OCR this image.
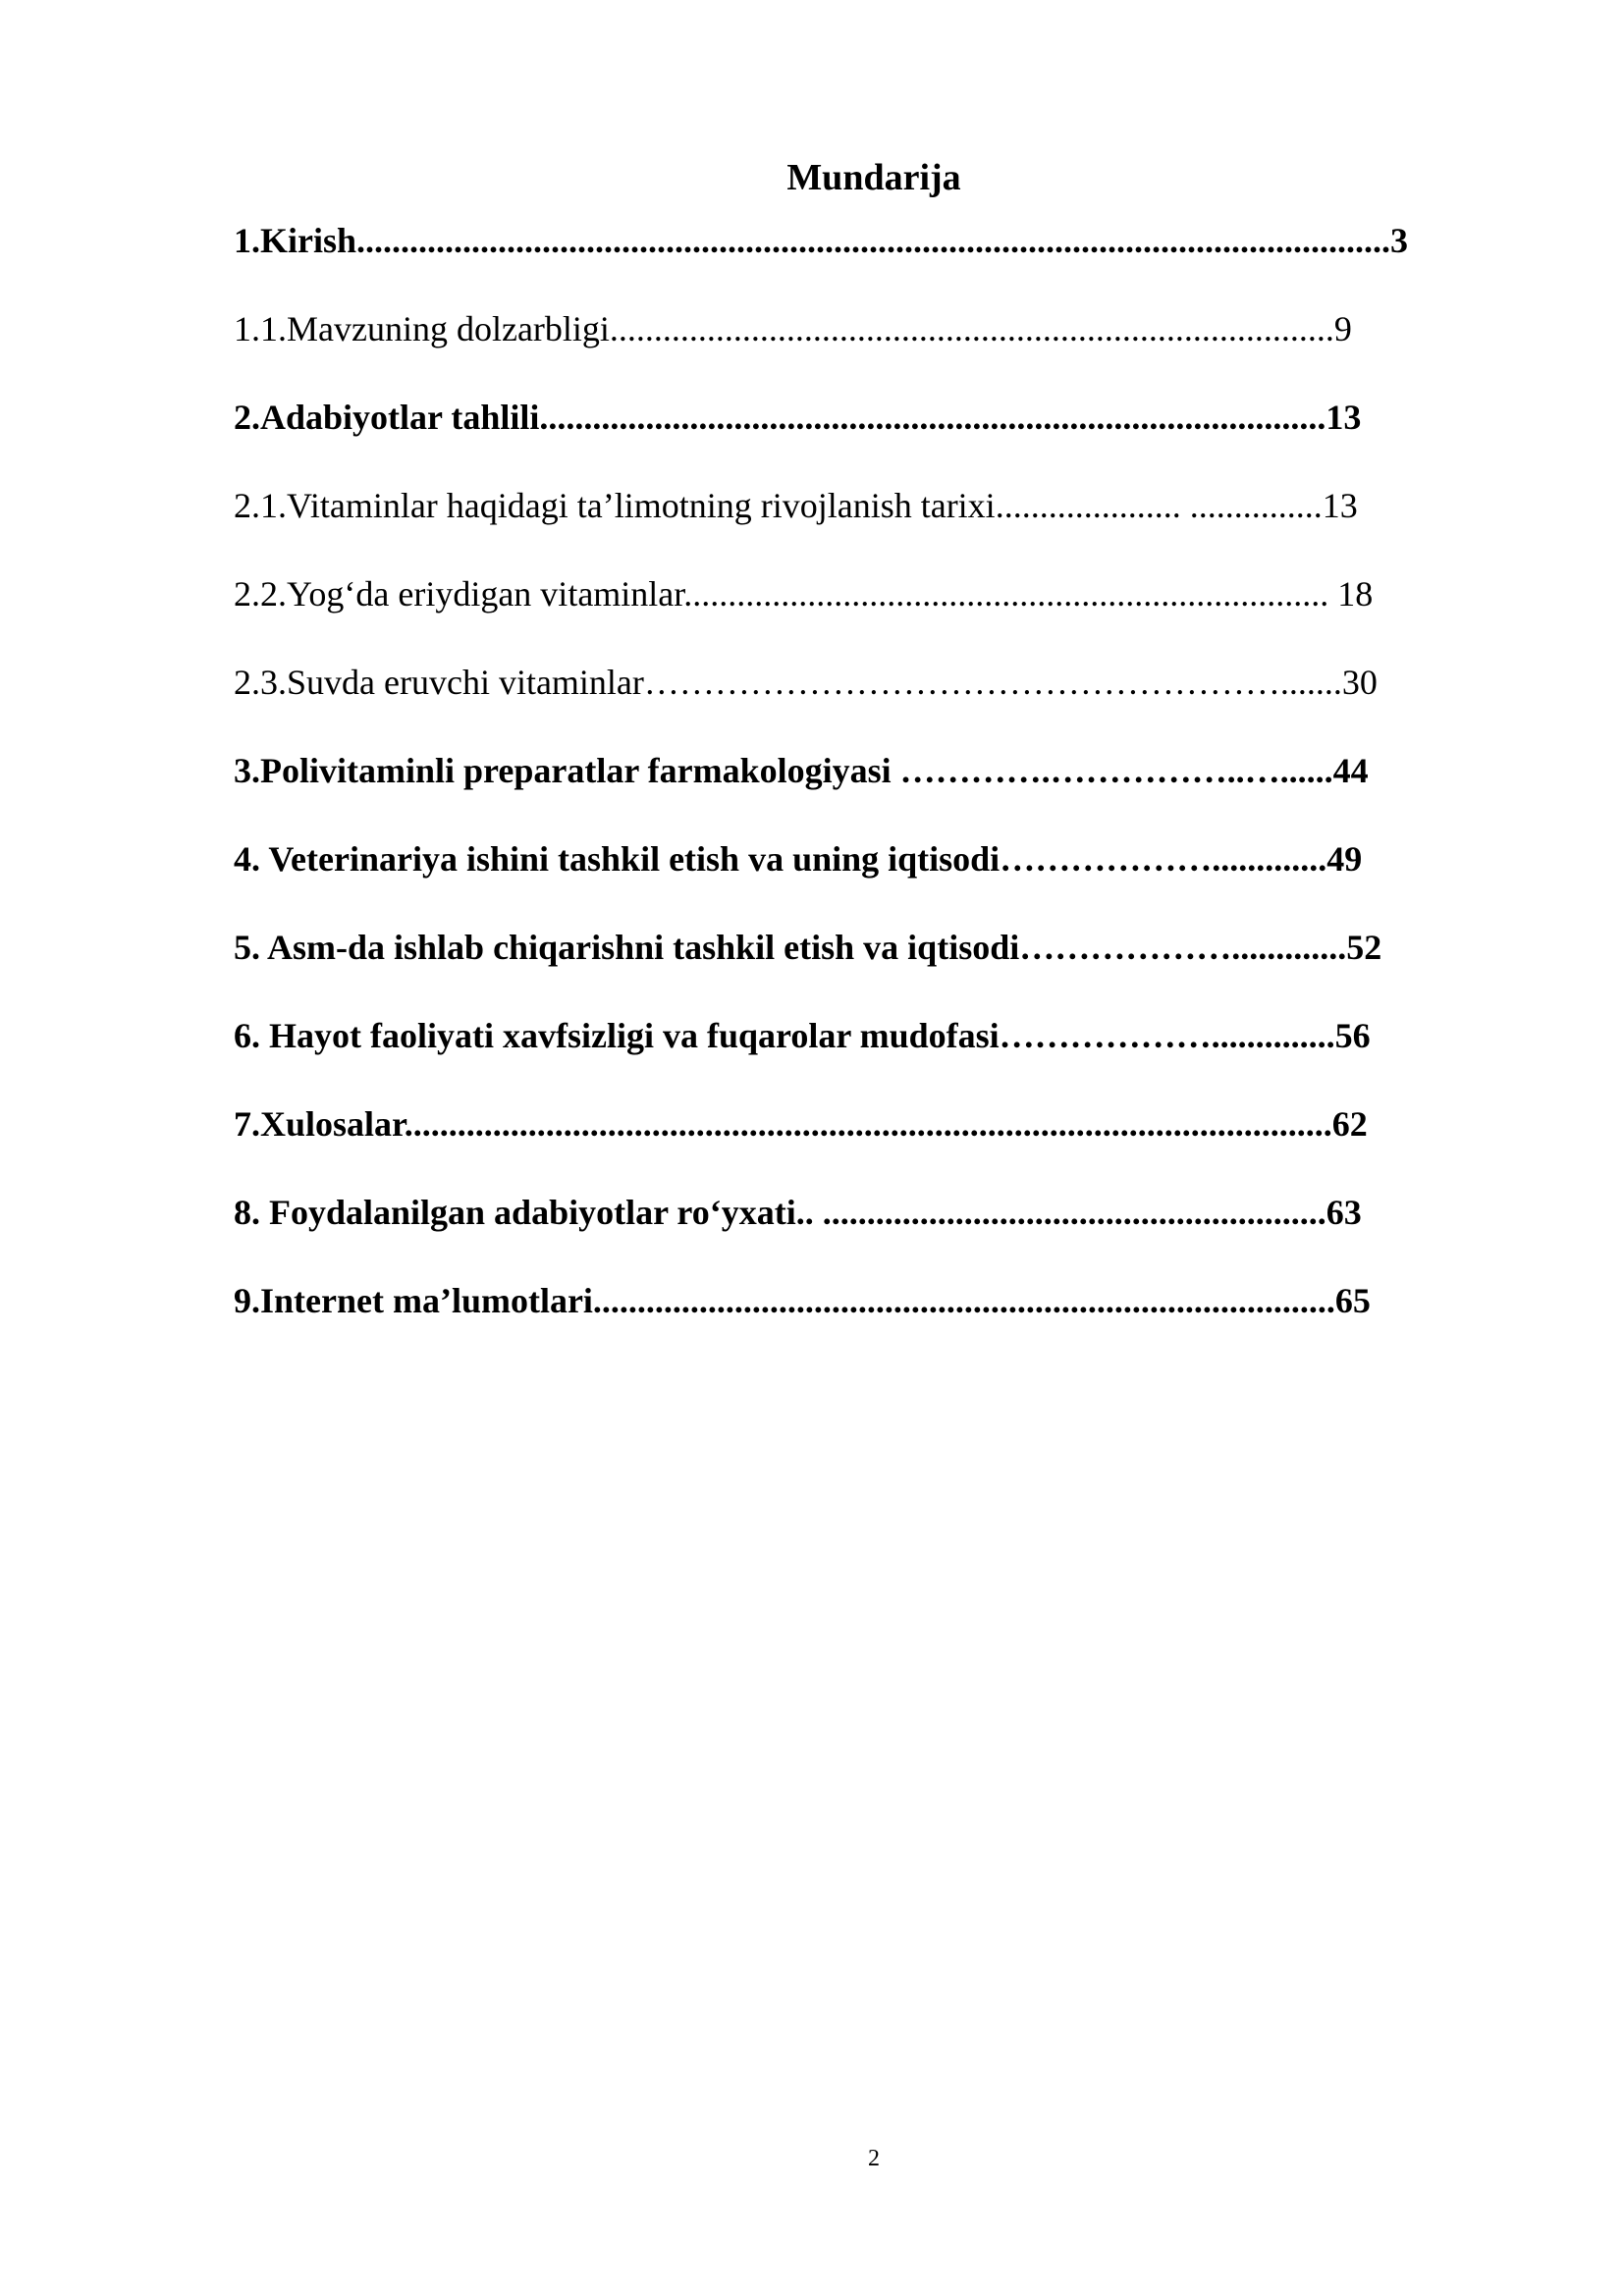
Mundarija
1.Kirish.....................................................................................................................3
1.1.Mavzuning dolzarbligi..................................................................................9
2.Adabiyotlar tahlili.........................................................................................13
2.1.Vitaminlar haqidagi ta’limotning rivojlanish tarixi..................... ...............13
2.2.Yog‘da eriydigan vitaminlar......................................................................... 18
2.3.Suvda eruvchi vitaminlar……………………………………………….......30
3.Polivitaminli preparatlar farmakologiyasi ………….……………..…......44
4. Veterinariya ishini tashkil etish va uning iqtisodi……………….............49
5. Asm-da ishlab chiqarishni tashkil etish va iqtisodi……………….............52
6. Hayot faoliyati xavfsizligi va fuqarolar mudofasi………………..............56
7.Xulosalar.........................................................................................................62
8. Foydalanilgan adabiyotlar ro‘yxati.. .........................................................63
9.Internet ma’lumotlari....................................................................................65
2
